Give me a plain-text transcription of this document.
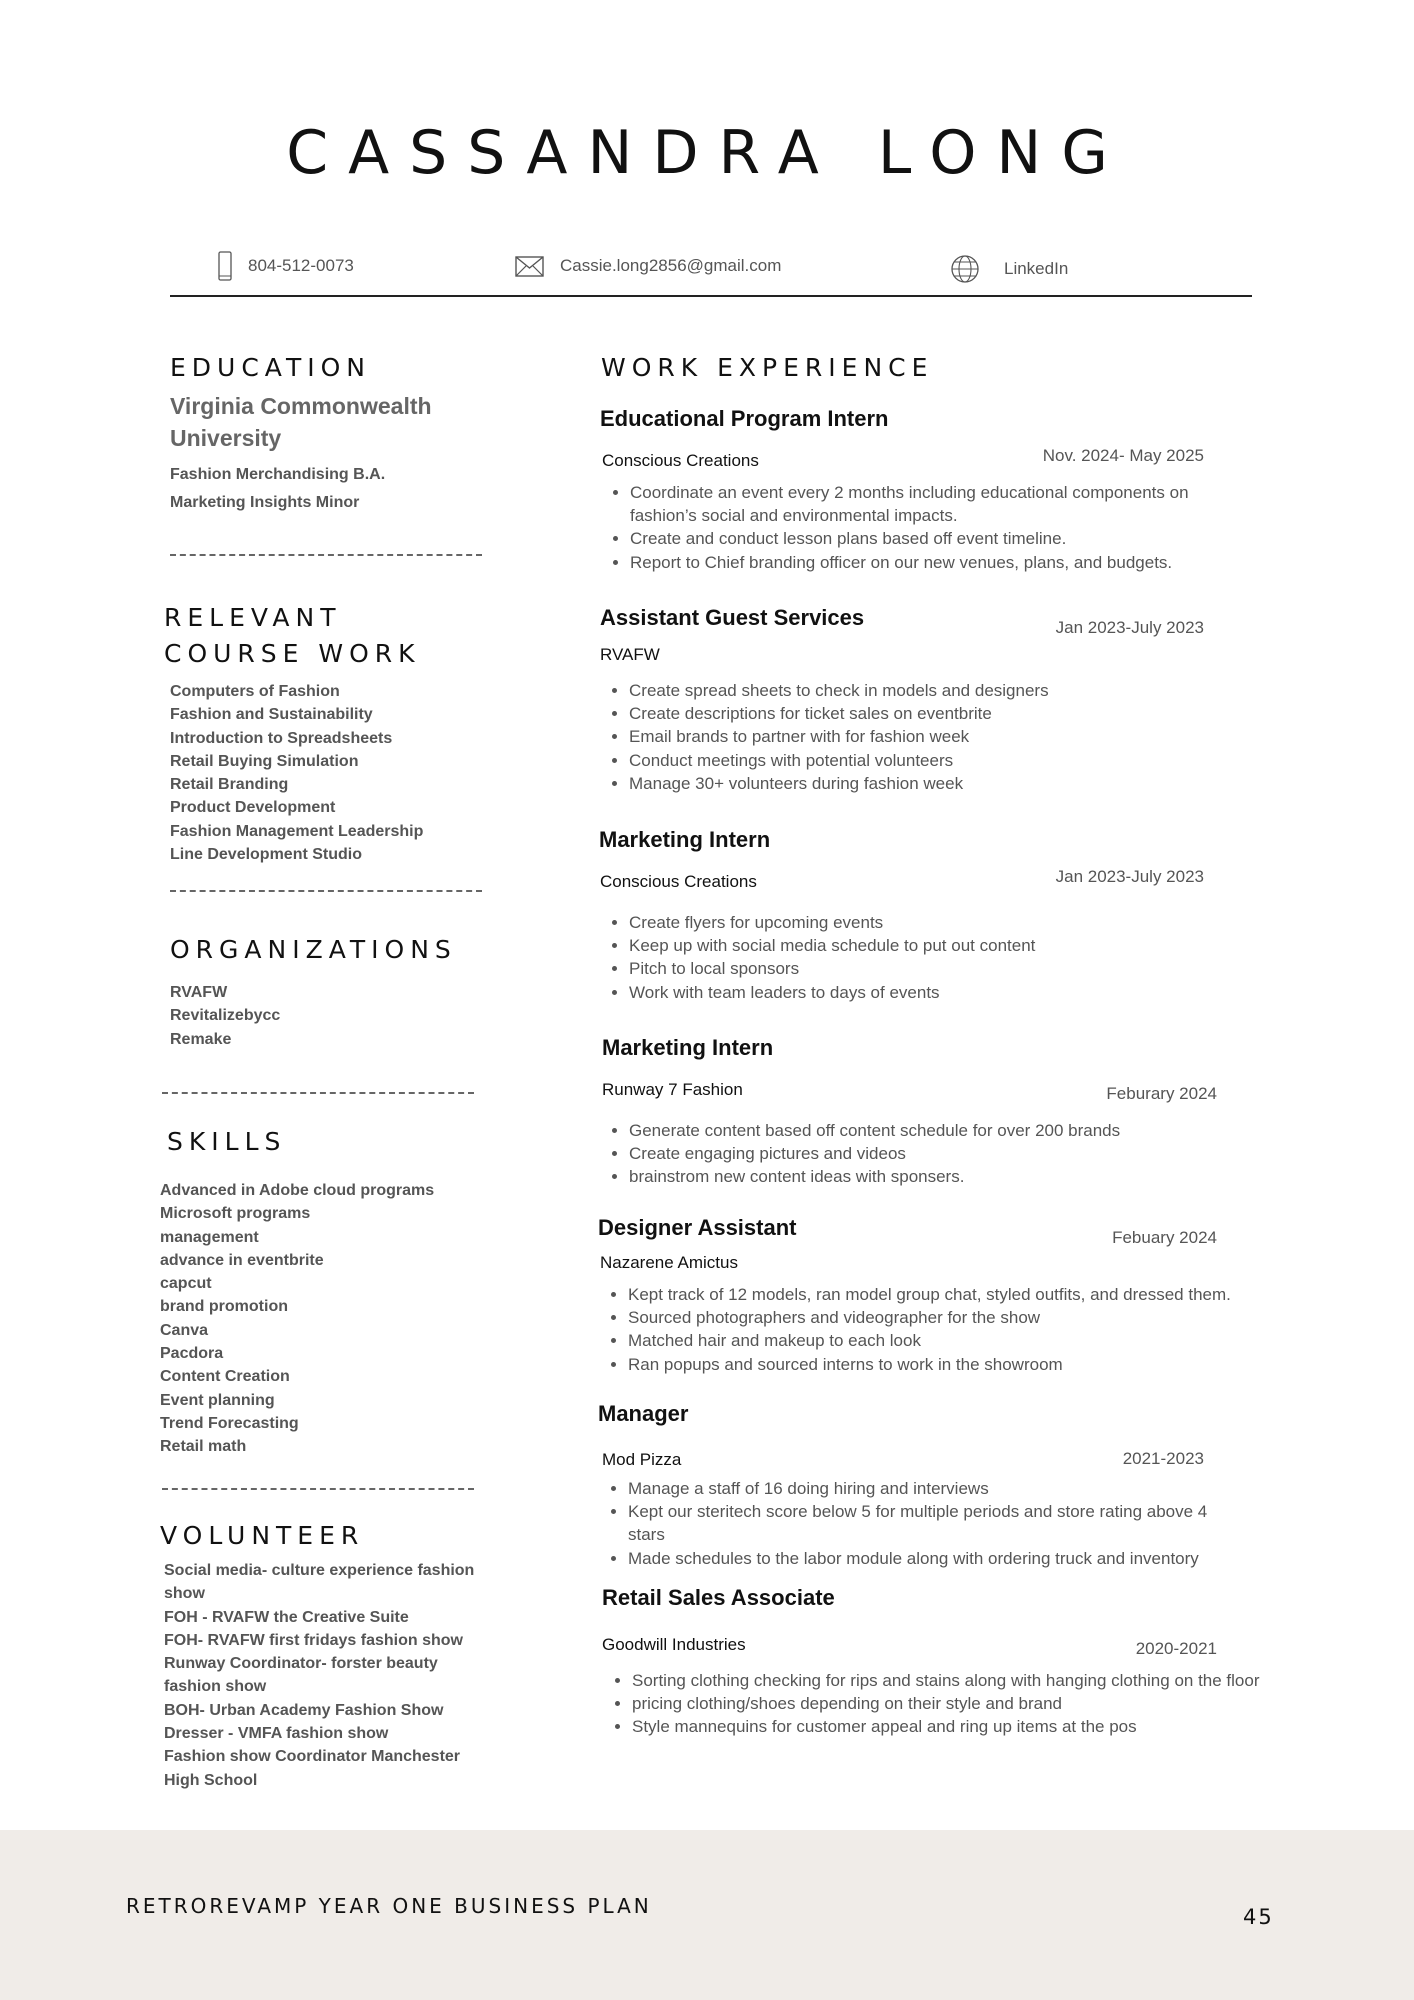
CASSANDRA LONG
804-512-0073	Cassie.long2856@gmail.com	LinkedIn
EDUCATION
Virginia Commonwealth University
Fashion Merchandising B.A.
Marketing Insights Minor
RELEVANT
COURSE WORK
Computers of Fashion
Fashion and Sustainability
Introduction to Spreadsheets
Retail Buying Simulation
Retail Branding
Product Development
Fashion Management Leadership
Line Development Studio
ORGANIZATIONS
RVAFW
Revitalizebycc
Remake
SKILLS
Advanced in Adobe cloud programs
Microsoft programs
management
advance in eventbrite
capcut
brand promotion
Canva
Pacdora
Content Creation
Event planning
Trend Forecasting
Retail math
VOLUNTEER
Social media- culture experience fashion show
FOH - RVAFW the Creative Suite
FOH- RVAFW first fridays fashion show
Runway Coordinator- forster beauty fashion show
BOH- Urban Academy Fashion Show
Dresser - VMFA fashion show
Fashion show Coordinator Manchester High School
WORK EXPERIENCE
Educational Program Intern
Conscious Creations	Nov. 2024- May 2025
• Coordinate an event every 2 months including educational components on fashion’s social and environmental impacts.
• Create and conduct lesson plans based off event timeline.
• Report to Chief branding officer on our new venues, plans, and budgets.
Assistant Guest Services
RVAFW
Jan 2023-July 2023
• Create spread sheets to check in models and designers
• Create descriptions for ticket sales on eventbrite
• Email brands to partner with for fashion week
• Conduct meetings with potential volunteers
• Manage 30+ volunteers during fashion week
Marketing Intern
Conscious Creations	Jan 2023-July 2023
• Create flyers for upcoming events
• Keep up with social media schedule to put out content
• Pitch to local sponsors
• Work with team leaders to days of events
Marketing Intern
Runway 7 Fashion	Feburary 2024
• Generate content based off content schedule for over 200 brands
• Create engaging pictures and videos
• brainstrom new content ideas with sponsers.
Designer Assistant
Nazarene Amictus
Febuary 2024
• Kept track of 12 models, ran model group chat, styled outfits, and dressed them.
• Sourced photographers and videographer for the show
• Matched hair and makeup to each look
• Ran popups and sourced interns to work in the showroom
Manager
Mod Pizza	2021-2023
• Manage a staff of 16 doing hiring and interviews
• Kept our steritech score below 5 for multiple periods and store rating above 4 stars
• Made schedules to the labor module along with ordering truck and inventory
Retail Sales Associate
Goodwill Industries	2020-2021
• Sorting clothing checking for rips and stains along with hanging clothing on the floor
• pricing clothing/shoes depending on their style and brand
• Style mannequins for customer appeal and ring up items at the pos
RETROREVAMP YEAR ONE BUSINESS PLAN	45
